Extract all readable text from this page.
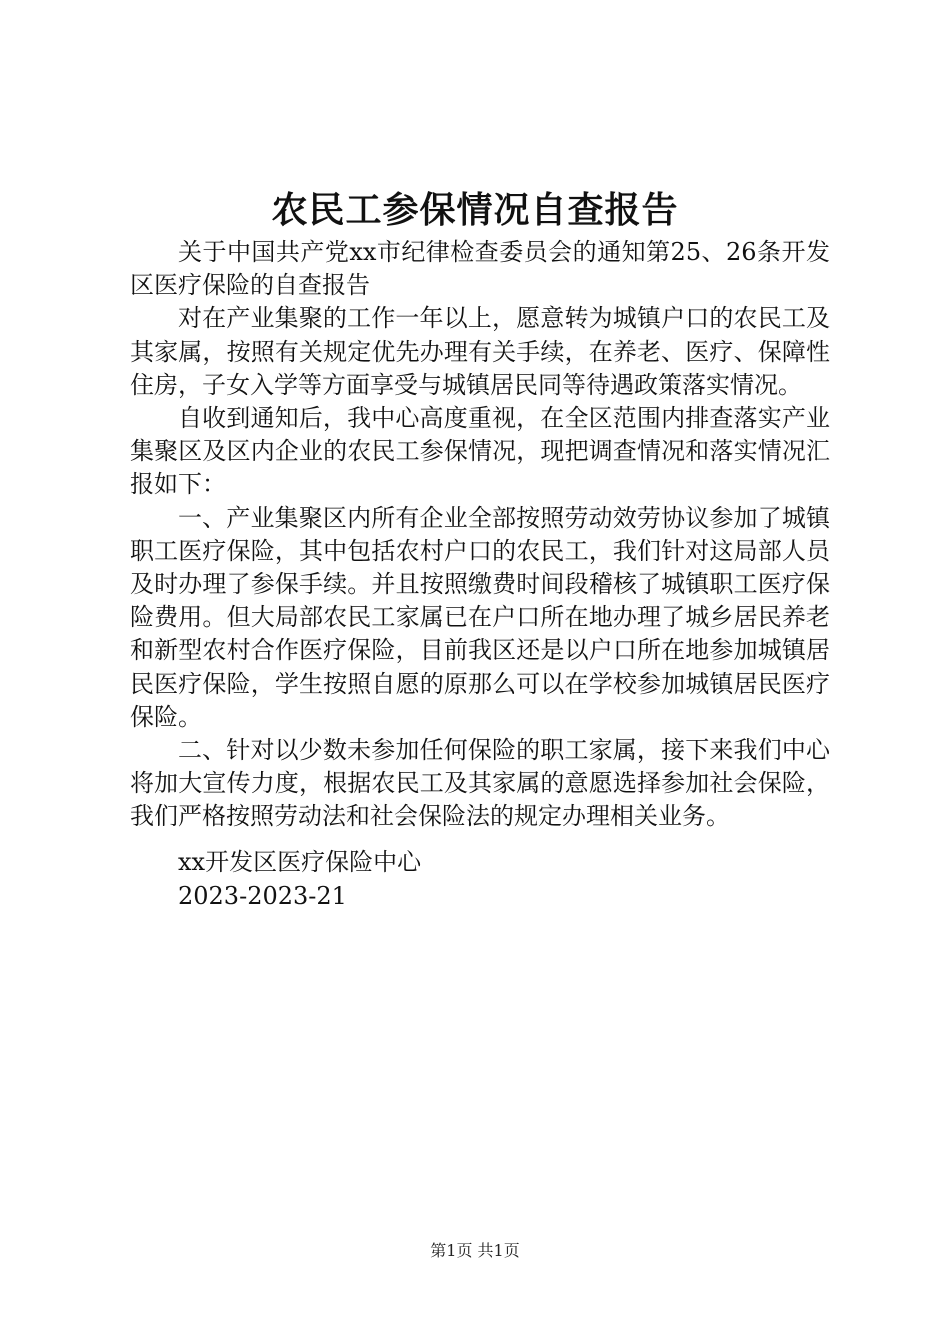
农民工参保情况自查报告

关于中国共产党xx市纪律检查委员会的通知第25、26条开发区医疗保险的自查报告

对在产业集聚的工作一年以上，愿意转为城镇户口的农民工及其家属，按照有关规定优先办理有关手续，在养老、医疗、保障性住房，子女入学等方面享受与城镇居民同等待遇政策落实情况。

自收到通知后，我中心高度重视，在全区范围内排查落实产业集聚区及区内企业的农民工参保情况，现把调查情况和落实情况汇报如下：

一、产业集聚区内所有企业全部按照劳动效劳协议参加了城镇职工医疗保险，其中包括农村户口的农民工，我们针对这局部人员及时办理了参保手续。并且按照缴费时间段稽核了城镇职工医疗保险费用。但大局部农民工家属已在户口所在地办理了城乡居民养老和新型农村合作医疗保险，目前我区还是以户口所在地参加城镇居民医疗保险，学生按照自愿的原那么可以在学校参加城镇居民医疗保险。

二、针对以少数未参加任何保险的职工家属，接下来我们中心将加大宣传力度，根据农民工及其家属的意愿选择参加社会保险，我们严格按照劳动法和社会保险法的规定办理相关业务。

xx开发区医疗保险中心
2023-2023-21
第1页 共1页
